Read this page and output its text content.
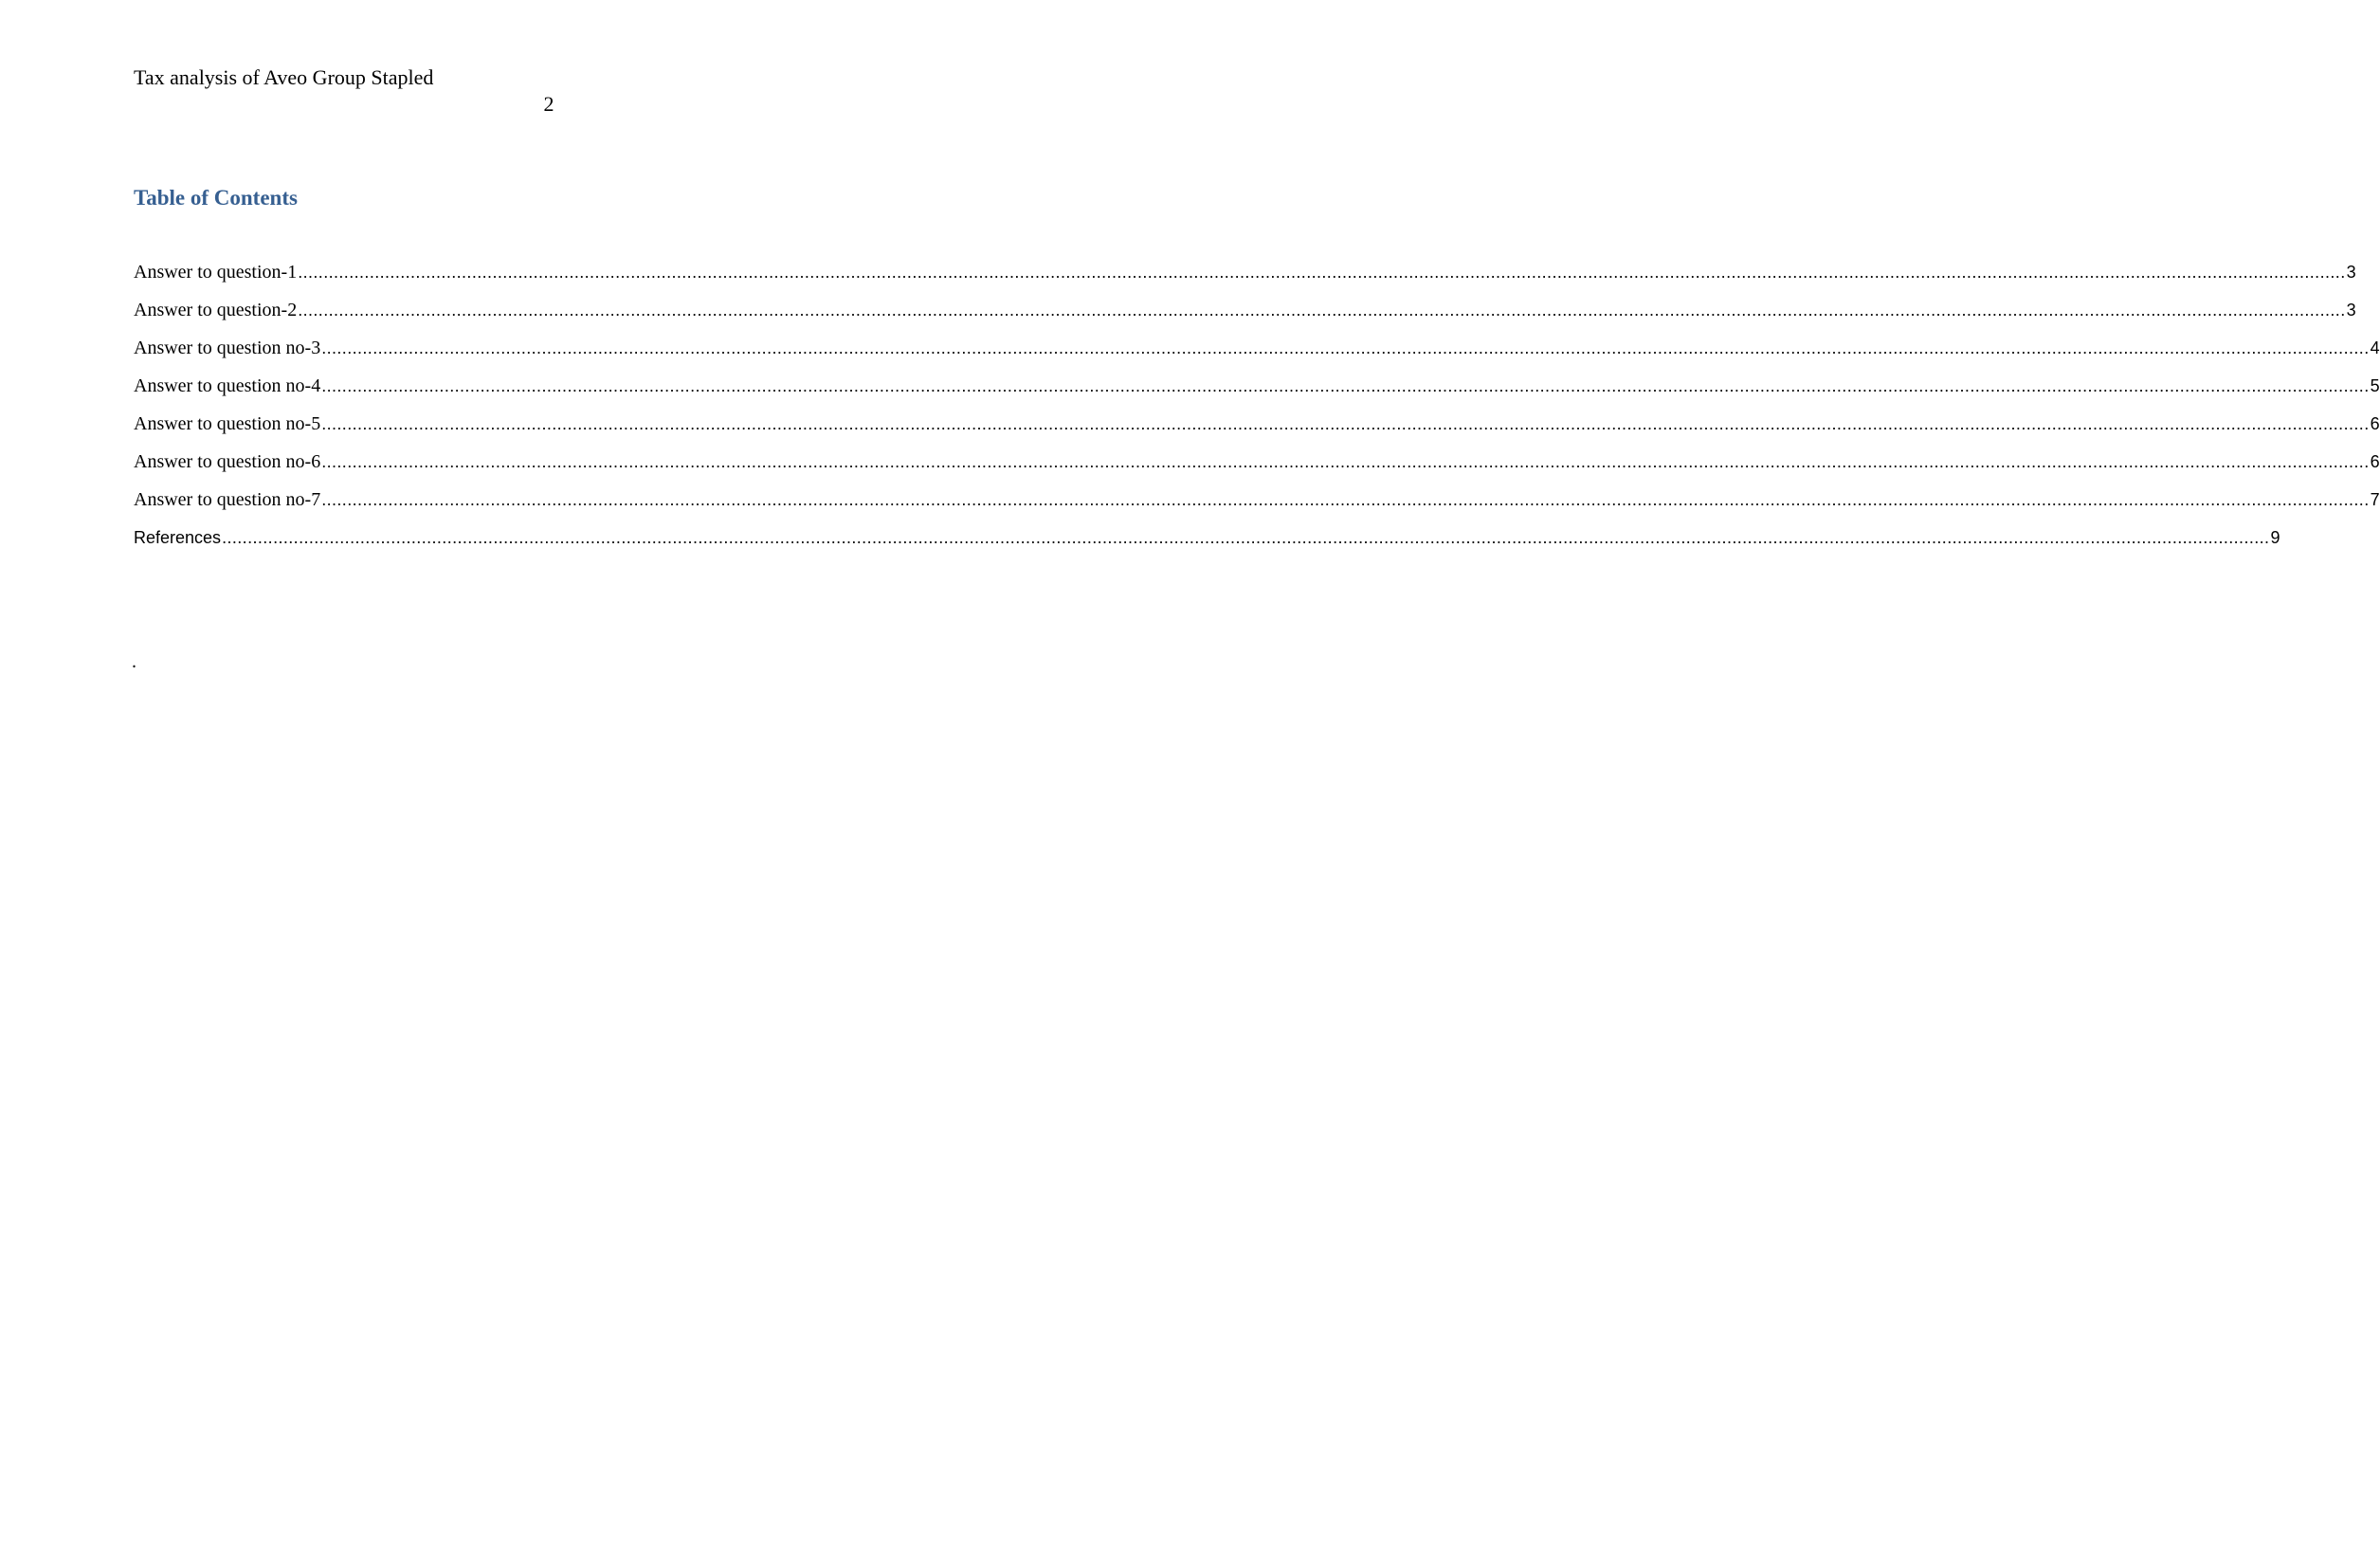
Tax analysis of Aveo Group Stapled
2
Table of Contents
Answer to question-1 ................................................................................................................................................................................................................................................................................................................................................................................................................ 3
Answer to question-2 ................................................................................................................................................................................................................................................................................................................................................................................................................ 3
Answer to question no-3 ................................................................................................................................................................................................................................................................................................................................................................................................................ 4
Answer to question no-4 ................................................................................................................................................................................................................................................................................................................................................................................................................ 5
Answer to question no-5 ................................................................................................................................................................................................................................................................................................................................................................................................................ 6
Answer to question no-6 ................................................................................................................................................................................................................................................................................................................................................................................................................ 6
Answer to question no-7 ................................................................................................................................................................................................................................................................................................................................................................................................................ 7
References ................................................................................................................................................................................................................................................................................................................................................................................................................ 9
.
